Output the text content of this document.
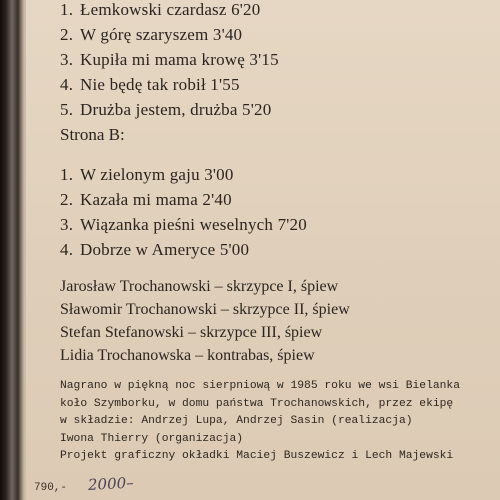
1. Łemkowski czardasz 6'20
2. W górę szaryszem 3'40
3. Kupiła mi mama krowę 3'15
4. Nie będę tak robił 1'55
5. Drużba jestem, drużba 5'20
Strona B:
1. W zielonym gaju 3'00
2. Kazała mi mama 2'40
3. Wiązanka pieśni weselnych 7'20
4. Dobrze w Ameryce 5'00
Jarosław Trochanowski – skrzypce I, śpiew
Sławomir Trochanowski – skrzypce II, śpiew
Stefan Stefanowski – skrzypce III, śpiew
Lidia Trochanowska – kontrabas, śpiew
Nagrano w piękną noc sierpniową w 1985 roku we wsi Bielanka
koło Szymborku, w domu państwa Trochanowskich, przez ekipę
w składzie: Andrzej Lupa, Andrzej Sasin (realizacja)
Iwona Thierry (organizacja)
Projekt graficzny okładki Maciej Buszewicz i Lech Majewski
790,- 2000–
